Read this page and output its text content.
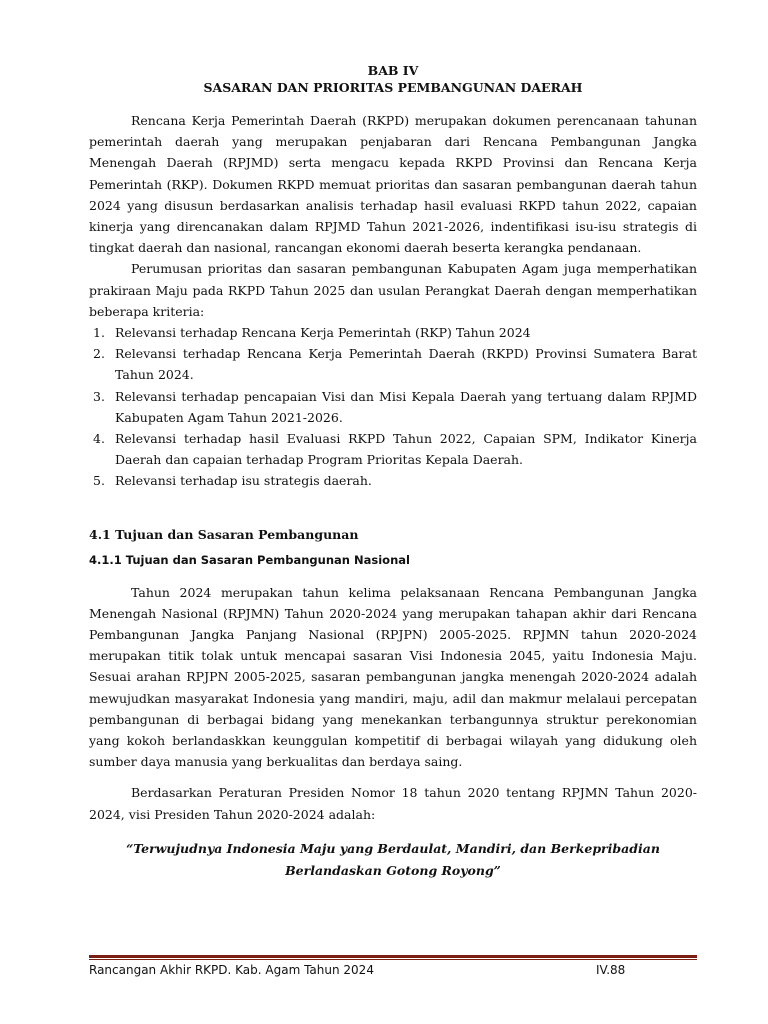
BAB IV
SASARAN DAN PRIORITAS PEMBANGUNAN DAERAH

Rencana Kerja Pemerintah Daerah (RKPD) merupakan dokumen perencanaan tahunan pemerintah daerah yang merupakan penjabaran dari Rencana Pembangunan Jangka Menengah Daerah (RPJMD) serta mengacu kepada RKPD Provinsi dan Rencana Kerja Pemerintah (RKP). Dokumen RKPD memuat prioritas dan sasaran pembangunan daerah tahun 2024 yang disusun berdasarkan analisis terhadap hasil evaluasi RKPD tahun 2022, capaian kinerja yang direncanakan dalam RPJMD Tahun 2021-2026, indentifikasi isu-isu strategis di tingkat daerah dan nasional, rancangan ekonomi daerah beserta kerangka pendanaan.

Perumusan prioritas dan sasaran pembangunan Kabupaten Agam juga memperhatikan prakiraan Maju pada RKPD Tahun 2025 dan usulan Perangkat Daerah dengan memperhatikan beberapa kriteria:

1. Relevansi terhadap Rencana Kerja Pemerintah (RKP) Tahun 2024
2. Relevansi terhadap Rencana Kerja Pemerintah Daerah (RKPD) Provinsi Sumatera Barat Tahun 2024.
3. Relevansi terhadap pencapaian Visi dan Misi Kepala Daerah yang tertuang dalam RPJMD Kabupaten Agam Tahun 2021-2026.
4. Relevansi terhadap hasil Evaluasi RKPD Tahun 2022, Capaian SPM, Indikator Kinerja Daerah dan capaian terhadap Program Prioritas Kepala Daerah.
5. Relevansi terhadap isu strategis daerah.
4.1 Tujuan dan Sasaran Pembangunan
4.1.1 Tujuan dan Sasaran Pembangunan Nasional

Tahun 2024 merupakan tahun kelima pelaksanaan Rencana Pembangunan Jangka Menengah Nasional (RPJMN) Tahun 2020-2024 yang merupakan tahapan akhir dari Rencana Pembangunan Jangka Panjang Nasional (RPJPN) 2005-2025. RPJMN tahun 2020-2024 merupakan titik tolak untuk mencapai sasaran Visi Indonesia 2045, yaitu Indonesia Maju. Sesuai arahan RPJPN 2005-2025, sasaran pembangunan jangka menengah 2020-2024 adalah mewujudkan masyarakat Indonesia yang mandiri, maju, adil dan makmur melalaui percepatan pembangunan di berbagai bidang yang menekankan terbangunnya struktur perekonomian yang kokoh berlandaskkan keunggulan kompetitif di berbagai wilayah yang didukung oleh sumber daya manusia yang berkualitas dan berdaya saing.

Berdasarkan Peraturan Presiden Nomor 18 tahun 2020 tentang RPJMN Tahun 2020-2024, visi Presiden Tahun 2020-2024 adalah:

“Terwujudnya Indonesia Maju yang Berdaulat, Mandiri, dan Berkepribadian
Berlandaskan Gotong Royong”
Rancangan Akhir RKPD. Kab. Agam Tahun 2024	IV.88
